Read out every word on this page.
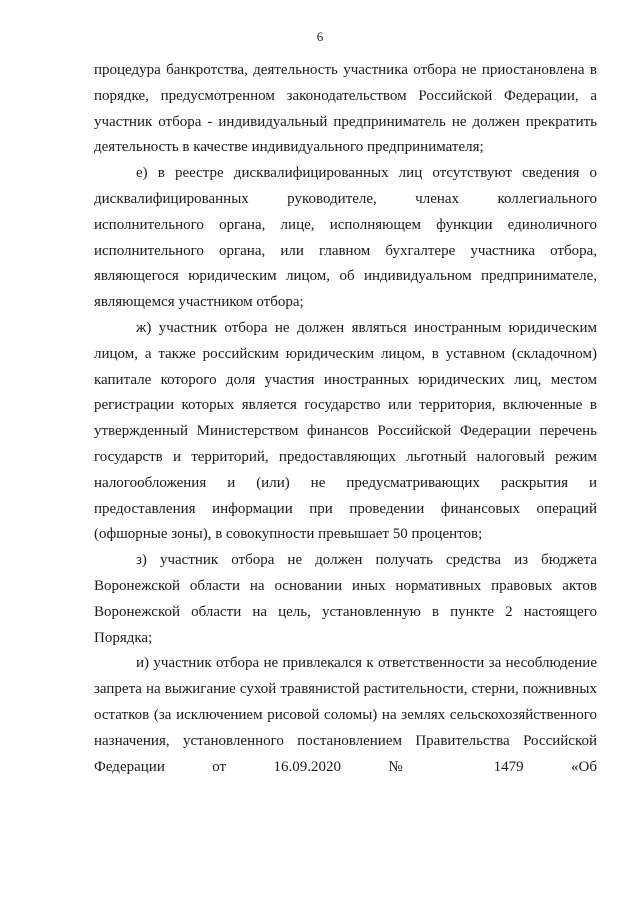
6

процедура банкротства, деятельность участника отбора не приостановлена в порядке, предусмотренном законодательством Российской Федерации, а участник отбора - индивидуальный предприниматель не должен прекратить деятельность в качестве индивидуального предпринимателя;

е) в реестре дисквалифицированных лиц отсутствуют сведения о дисквалифицированных руководителе, членах коллегиального исполнительного органа, лице, исполняющем функции единоличного исполнительного органа, или главном бухгалтере участника отбора, являющегося юридическим лицом, об индивидуальном предпринимателе, являющемся участником отбора;

ж) участник отбора не должен являться иностранным юридическим лицом, а также российским юридическим лицом, в уставном (складочном) капитале которого доля участия иностранных юридических лиц, местом регистрации которых является государство или территория, включенные в утвержденный Министерством финансов Российской Федерации перечень государств и территорий, предоставляющих льготный налоговый режим налогообложения и (или) не предусматривающих раскрытия и предоставления информации при проведении финансовых операций (офшорные зоны), в совокупности превышает 50 процентов;

з) участник отбора не должен получать средства из бюджета Воронежской области на основании иных нормативных правовых актов Воронежской области на цель, установленную в пункте 2 настоящего Порядка;

и) участник отбора не привлекался к ответственности за несоблюдение запрета на выжигание сухой травянистой растительности, стерни, пожнивных остатков (за исключением рисовой соломы) на землях сельскохозяйственного назначения, установленного постановлением Правительства Российской Федерации от 16.09.2020 № 1479 «Об
